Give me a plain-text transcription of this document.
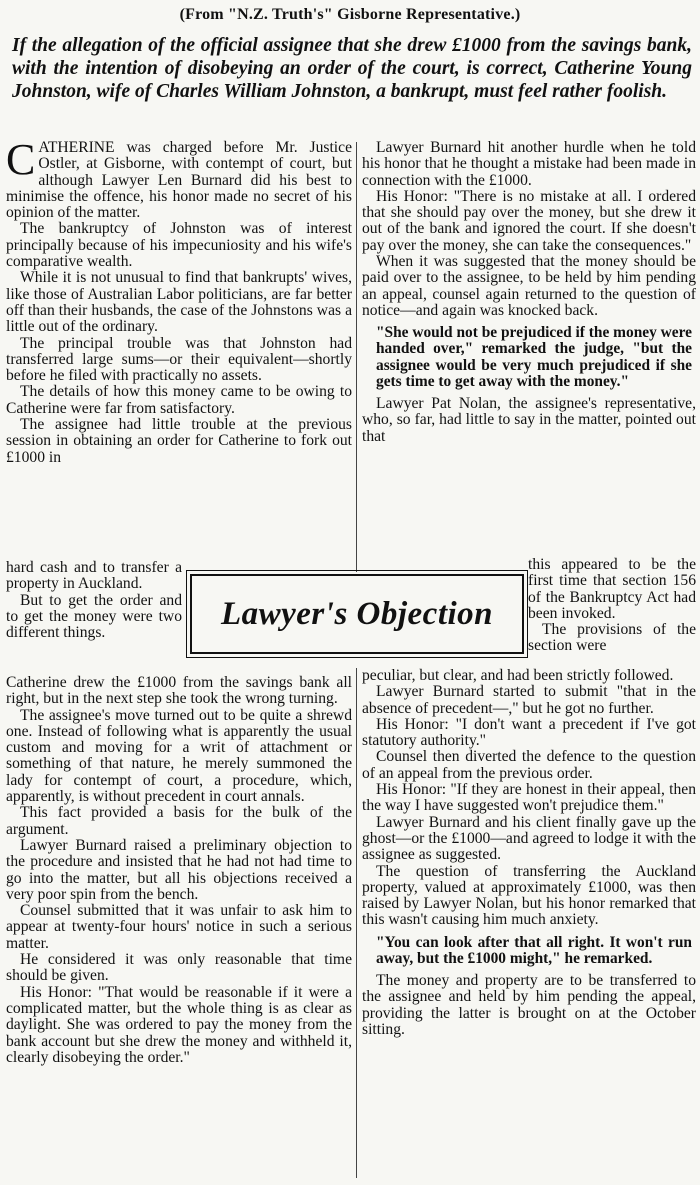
(From "N.Z. Truth's" Gisborne Representative.)
If the allegation of the official assignee that she drew £1000 from the savings bank, with the intention of disobeying an order of the court, is correct, Catherine Young Johnston, wife of Charles William Johnston, a bankrupt, must feel rather foolish.

CATHERINE was charged before Mr. Justice Ostler, at Gisborne, with contempt of court, but although Lawyer Len Burnard did his best to minimise the offence, his honor made no secret of his opinion of the matter.

The bankruptcy of Johnston was of interest principally because of his impecuniosity and his wife's comparative wealth.

While it is not unusual to find that bankrupts' wives, like those of Australian Labor politicians, are far better off than their husbands, the case of the Johnstons was a little out of the ordinary.

The principal trouble was that Johnston had transferred large sums—or their equivalent—shortly before he filed with practically no assets.

The details of how this money came to be owing to Catherine were far from satisfactory.

The assignee had little trouble at the previous session in obtaining an order for Catherine to fork out £1000 in

hard cash and to transfer a property in Auckland.

But to get the order and to get the money were two different things.

Lawyer's Objection

Lawyer Burnard hit another hurdle when he told his honor that he thought a mistake had been made in connection with the £1000.

His Honor: "There is no mistake at all. I ordered that she should pay over the money, but she drew it out of the bank and ignored the court. If she doesn't pay over the money, she can take the consequences."

When it was suggested that the money should be paid over to the assignee, to be held by him pending an appeal, counsel again returned to the question of notice—and again was knocked back.

"She would not be prejudiced if the money were handed over," remarked the judge, "but the assignee would be very much prejudiced if she gets time to get away with the money."

Lawyer Pat Nolan, the assignee's representative, who, so far, had little to say in the matter, pointed out that

this appeared to be the first time that section 156 of the Bankruptcy Act had been invoked.

The provisions of the section were

Catherine drew the £1000 from the savings bank all right, but in the next step she took the wrong turning.

The assignee's move turned out to be quite a shrewd one. Instead of following what is apparently the usual custom and moving for a writ of attachment or something of that nature, he merely summoned the lady for contempt of court, a procedure, which, apparently, is without precedent in court annals.

This fact provided a basis for the bulk of the argument.

Lawyer Burnard raised a preliminary objection to the procedure and insisted that he had not had time to go into the matter, but all his objections received a very poor spin from the bench.

Counsel submitted that it was unfair to ask him to appear at twenty-four hours' notice in such a serious matter.

He considered it was only reasonable that time should be given.

His Honor: "That would be reasonable if it were a complicated matter, but the whole thing is as clear as daylight. She was ordered to pay the money from the bank account but she drew the money and withheld it, clearly disobeying the order."

peculiar, but clear, and had been strictly followed.

Lawyer Burnard started to submit "that in the absence of precedent—," but he got no further.

His Honor: "I don't want a precedent if I've got statutory authority."

Counsel then diverted the defence to the question of an appeal from the previous order.

His Honor: "If they are honest in their appeal, then the way I have suggested won't prejudice them."

Lawyer Burnard and his client finally gave up the ghost—or the £1000—and agreed to lodge it with the assignee as suggested.

The question of transferring the Auckland property, valued at approximately £1000, was then raised by Lawyer Nolan, but his honor remarked that this wasn't causing him much anxiety.

"You can look after that all right. It won't run away, but the £1000 might," he remarked.

The money and property are to be transferred to the assignee and held by him pending the appeal, providing the latter is brought on at the October sitting.
